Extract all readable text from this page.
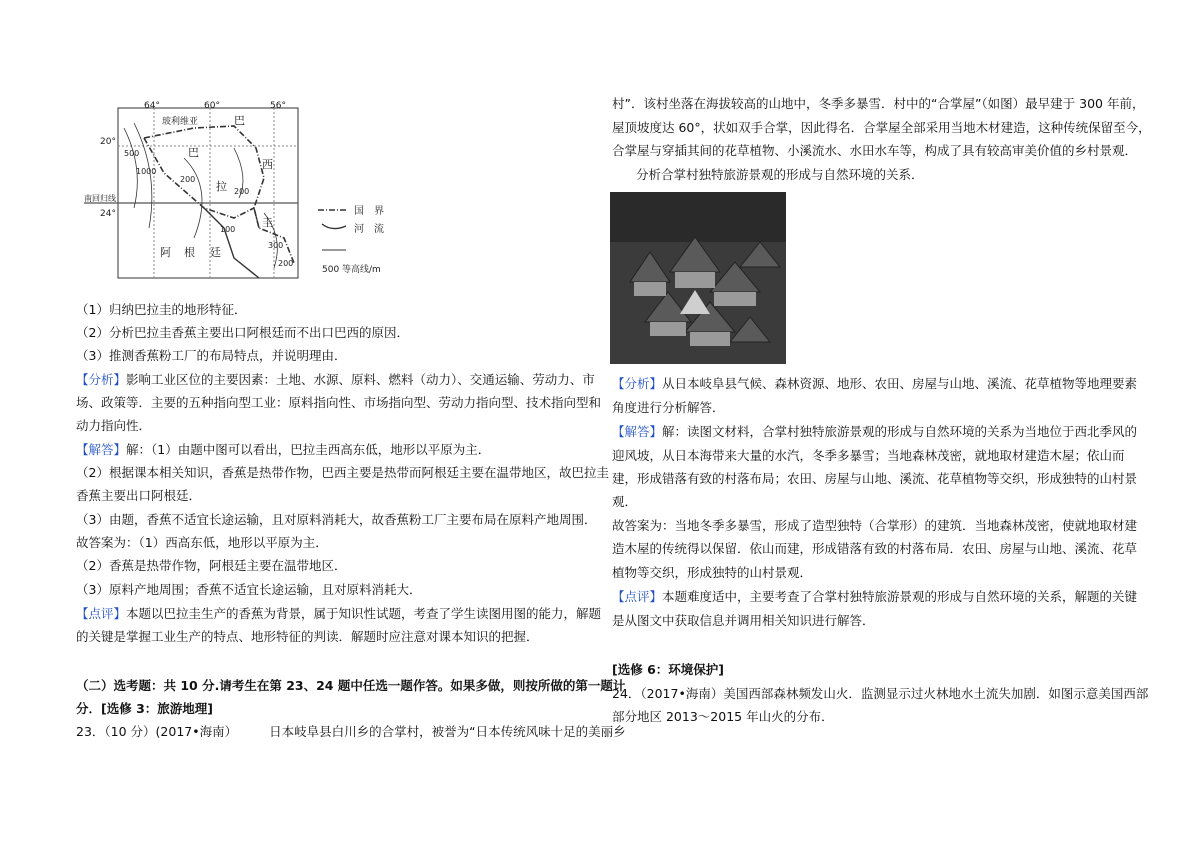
64°	60°	56°
20°
24°
南回归线
玻利维亚	巴
巴
拉
西
圭
阿 根 廷
500
1000
200
200
100
300
200
国　界
河　流
500 等高线/m
（1）归纳巴拉圭的地形特征．
（2）分析巴拉圭香蕉主要出口阿根廷而不出口巴西的原因．
（3）推测香蕉粉工厂的布局特点，并说明理由．
【分析】影响工业区位的主要因素：土地、水源、原料、燃料（动力）、交通运输、劳动力、市
场、政策等．主要的五种指向型工业：原料指向性、市场指向型、劳动力指向型、技术指向型和
动力指向性．
【解答】解：（1）由题中图可以看出，巴拉圭西高东低，地形以平原为主．
（2）根据课本相关知识，香蕉是热带作物，巴西主要是热带而阿根廷主要在温带地区，故巴拉圭
香蕉主要出口阿根廷．
（3）由题，香蕉不适宜长途运输，且对原料消耗大，故香蕉粉工厂主要布局在原料产地周围．
故答案为：（1）西高东低，地形以平原为主．
（2）香蕉是热带作物，阿根廷主要在温带地区．
（3）原料产地周围；香蕉不适宜长途运输，且对原料消耗大．
【点评】本题以巴拉圭生产的香蕉为背景，属于知识性试题，考查了学生读图用图的能力，解题
的关键是掌握工业生产的特点、地形特征的判读．解题时应注意对课本知识的把握．
（二）选考题：共 10 分.请考生在第 23、24 题中任选一题作答。如果多做，则按所做的第一题计
分．[选修 3：旅游地理]
23．（10 分）(2017•海南）	日本岐阜县白川乡的合掌村，被誉为“日本传统风味十足的美丽乡
村”．该村坐落在海拔较高的山地中，冬季多暴雪．村中的“合掌屋”（如图）最早建于 300 年前，
屋顶坡度达 60°，状如双手合掌，因此得名．合掌屋全部采用当地木材建造，这种传统保留至今，
合掌屋与穿插其间的花草植物、小溪流水、水田水车等，构成了具有较高审美价值的乡村景观．
分析合掌村独特旅游景观的形成与自然环境的关系．
【分析】从日本岐阜县气候、森林资源、地形、农田、房屋与山地、溪流、花草植物等地理要素
角度进行分析解答．
【解答】解：读图文材料，合掌村独特旅游景观的形成与自然环境的关系为当地位于西北季风的
迎风坡，从日本海带来大量的水汽，冬季多暴雪；当地森林茂密，就地取材建造木屋；依山而
建，形成错落有致的村落布局；农田、房屋与山地、溪流、花草植物等交织，形成独特的山村景
观．
故答案为：当地冬季多暴雪，形成了造型独特（合掌形）的建筑．当地森林茂密，使就地取材建
造木屋的传统得以保留．依山而建，形成错落有致的村落布局．农田、房屋与山地、溪流、花草
植物等交织，形成独特的山村景观．
【点评】本题难度适中，主要考查了合掌村独特旅游景观的形成与自然环境的关系，解题的关键
是从图文中获取信息并调用相关知识进行解答．
[选修 6：环境保护]
24．（2017•海南）美国西部森林频发山火．监测显示过火林地水土流失加剧．如图示意美国西部
部分地区 2013～2015 年山火的分布．
